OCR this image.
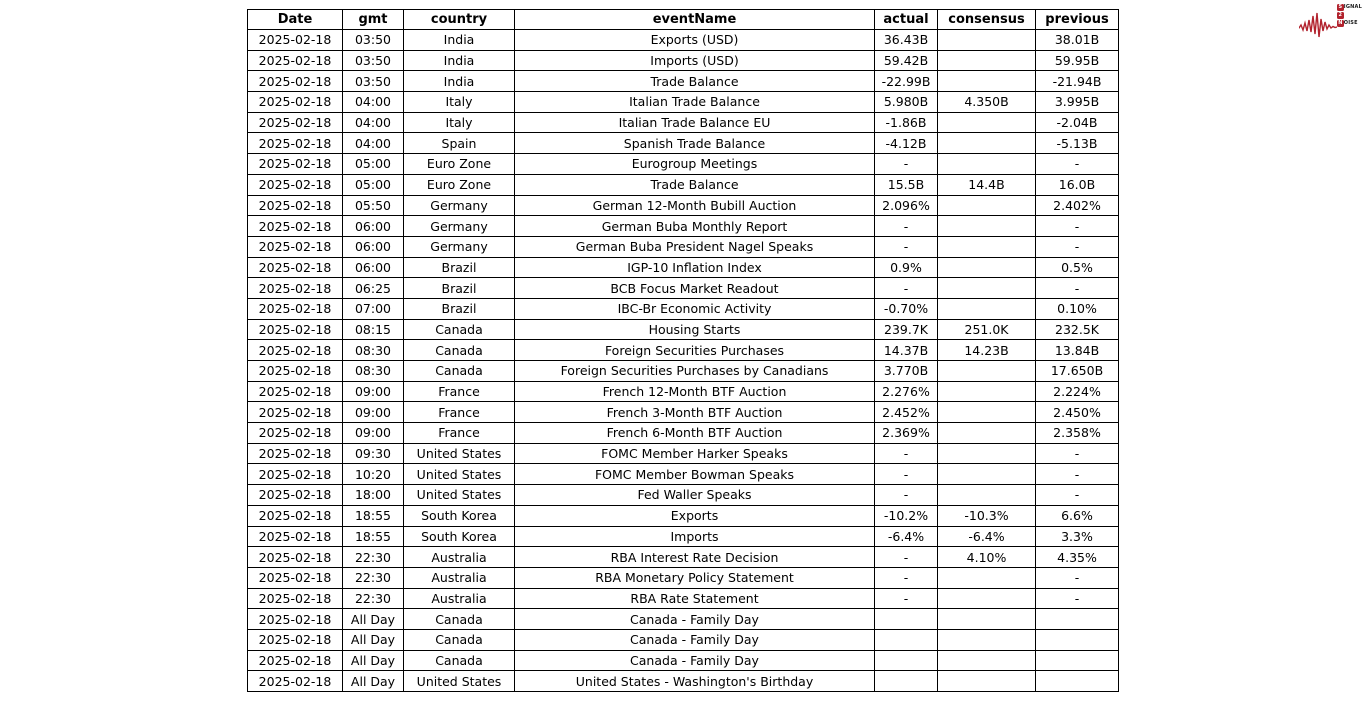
Date	gmt	country	eventName	actual	consensus	previous
2025-02-18	03:50	India	Exports (USD)	36.43B		38.01B
2025-02-18	03:50	India	Imports (USD)	59.42B		59.95B
2025-02-18	03:50	India	Trade Balance	-22.99B		-21.94B
2025-02-18	04:00	Italy	Italian Trade Balance	5.980B	4.350B	3.995B
2025-02-18	04:00	Italy	Italian Trade Balance EU	-1.86B		-2.04B
2025-02-18	04:00	Spain	Spanish Trade Balance	-4.12B		-5.13B
2025-02-18	05:00	Euro Zone	Eurogroup Meetings	-		-
2025-02-18	05:00	Euro Zone	Trade Balance	15.5B	14.4B	16.0B
2025-02-18	05:50	Germany	German 12-Month Bubill Auction	2.096%		2.402%
2025-02-18	06:00	Germany	German Buba Monthly Report	-		-
2025-02-18	06:00	Germany	German Buba President Nagel Speaks	-		-
2025-02-18	06:00	Brazil	IGP-10 Inflation Index	0.9%		0.5%
2025-02-18	06:25	Brazil	BCB Focus Market Readout	-		-
2025-02-18	07:00	Brazil	IBC-Br Economic Activity	-0.70%		0.10%
2025-02-18	08:15	Canada	Housing Starts	239.7K	251.0K	232.5K
2025-02-18	08:30	Canada	Foreign Securities Purchases	14.37B	14.23B	13.84B
2025-02-18	08:30	Canada	Foreign Securities Purchases by Canadians	3.770B		17.650B
2025-02-18	09:00	France	French 12-Month BTF Auction	2.276%		2.224%
2025-02-18	09:00	France	French 3-Month BTF Auction	2.452%		2.450%
2025-02-18	09:00	France	French 6-Month BTF Auction	2.369%		2.358%
2025-02-18	09:30	United States	FOMC Member Harker Speaks	-		-
2025-02-18	10:20	United States	FOMC Member Bowman Speaks	-		-
2025-02-18	18:00	United States	Fed Waller Speaks	-		-
2025-02-18	18:55	South Korea	Exports	-10.2%	-10.3%	6.6%
2025-02-18	18:55	South Korea	Imports	-6.4%	-6.4%	3.3%
2025-02-18	22:30	Australia	RBA Interest Rate Decision	-	4.10%	4.35%
2025-02-18	22:30	Australia	RBA Monetary Policy Statement	-		-
2025-02-18	22:30	Australia	RBA Rate Statement	-		-
2025-02-18	All Day	Canada	Canada - Family Day			
2025-02-18	All Day	Canada	Canada - Family Day			
2025-02-18	All Day	Canada	Canada - Family Day			
2025-02-18	All Day	United States	United States - Washington's Birthday			
S IGNAL
2
N OISE
